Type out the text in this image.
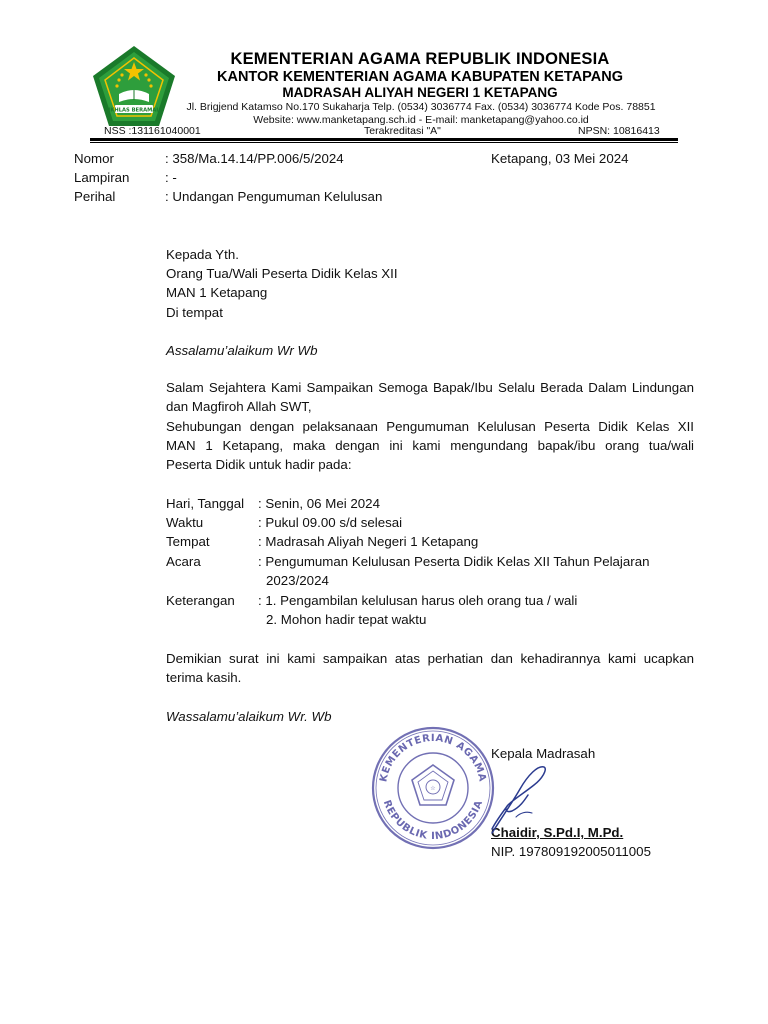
IKHLAS BERAMAL
KEMENTERIAN AGAMA REPUBLIK INDONESIA
KANTOR KEMENTERIAN AGAMA KABUPATEN KETAPANG
MADRASAH ALIYAH NEGERI 1 KETAPANG
Jl. Brigjend Katamso No.170 Sukaharja Telp. (0534) 3036774 Fax. (0534) 3036774 Kode Pos. 78851
Website: www.manketapang.sch.id - E-mail: manketapang@yahoo.co.id
NSS :131161040001	Terakreditasi "A"	NPSN: 10816413
Nomor	: 358/Ma.14.14/PP.006/5/2024	Ketapang, 03 Mei 2024
Lampiran	: -
Perihal	: Undangan Pengumuman Kelulusan
Kepada Yth.
Orang Tua/Wali Peserta Didik Kelas XII
MAN 1 Ketapang
Di tempat
Assalamu’alaikum Wr Wb
Salam Sejahtera Kami Sampaikan Semoga Bapak/Ibu Selalu Berada Dalam Lindungan
dan Magfiroh Allah SWT,
Sehubungan dengan pelaksanaan Pengumuman Kelulusan Peserta Didik Kelas XII
MAN 1 Ketapang, maka dengan ini kami mengundang bapak/ibu orang tua/wali
Peserta Didik untuk hadir pada:
Hari, Tanggal : Senin, 06 Mei 2024
Waktu	: Pukul 09.00 s/d selesai
Tempat	: Madrasah Aliyah Negeri 1 Ketapang
Acara	: Pengumuman Kelulusan Peserta Didik Kelas XII Tahun Pelajaran
2023/2024
Keterangan : 1. Pengambilan kelulusan harus oleh orang tua / wali
2. Mohon hadir tepat waktu
Demikian surat ini kami sampaikan atas perhatian dan kehadirannya kami ucapkan
terima kasih.
Wassalamu’alaikum Wr. Wb
Kepala Madrasah
Chaidir, S.Pd.I, M.Pd.
NIP. 197809192005011005
KEMENTERIAN AGAMA
REPUBLIK INDONESIA
☆
